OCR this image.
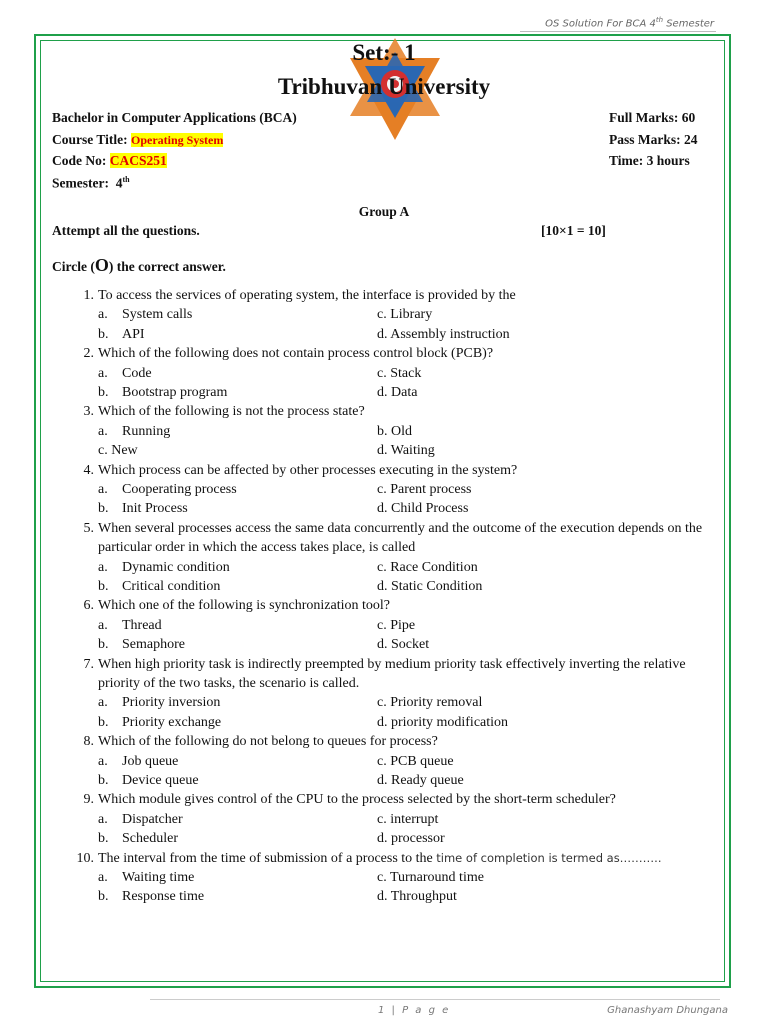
OS Solution For BCA 4th Semester
Set:- 1
Tribhuvan University
Bachelor in Computer Applications (BCA)
Course Title: Operating System
Code No: CACS251
Semester: 4th
Full Marks: 60
Pass Marks: 24
Time: 3 hours
Group A
Attempt all the questions.	[10×1 = 10]
Circle (O) the correct answer.
1. To access the services of operating system, the interface is provided by the
a. System calls	c. Library
b. API	d. Assembly instruction
2. Which of the following does not contain process control block (PCB)?
a. Code	c. Stack
b. Bootstrap program	d. Data
3. Which of the following is not the process state?
a. Running	b. Old
c. New	d. Waiting
4. Which process can be affected by other processes executing in the system?
a. Cooperating process	c. Parent process
b. Init Process	d. Child Process
5. When several processes access the same data concurrently and the outcome of the execution depends on the particular order in which the access takes place, is called
a. Dynamic condition	c. Race Condition
b. Critical condition	d. Static Condition
6. Which one of the following is synchronization tool?
a. Thread	c. Pipe
b. Semaphore	d. Socket
7. When high priority task is indirectly preempted by medium priority task effectively inverting the relative priority of the two tasks, the scenario is called.
a. Priority inversion	c. Priority removal
b. Priority exchange	d. priority modification
8. Which of the following do not belong to queues for process?
a. Job queue	c. PCB queue
b. Device queue	d. Ready queue
9. Which module gives control of the CPU to the process selected by the short-term scheduler?
a. Dispatcher	c. interrupt
b. Scheduler	d. processor
10. The interval from the time of submission of a process to the time of completion is termed as………..
a. Waiting time	c. Turnaround time
b. Response time	d. Throughput
1 | P a g e	Ghanashyam Dhungana
